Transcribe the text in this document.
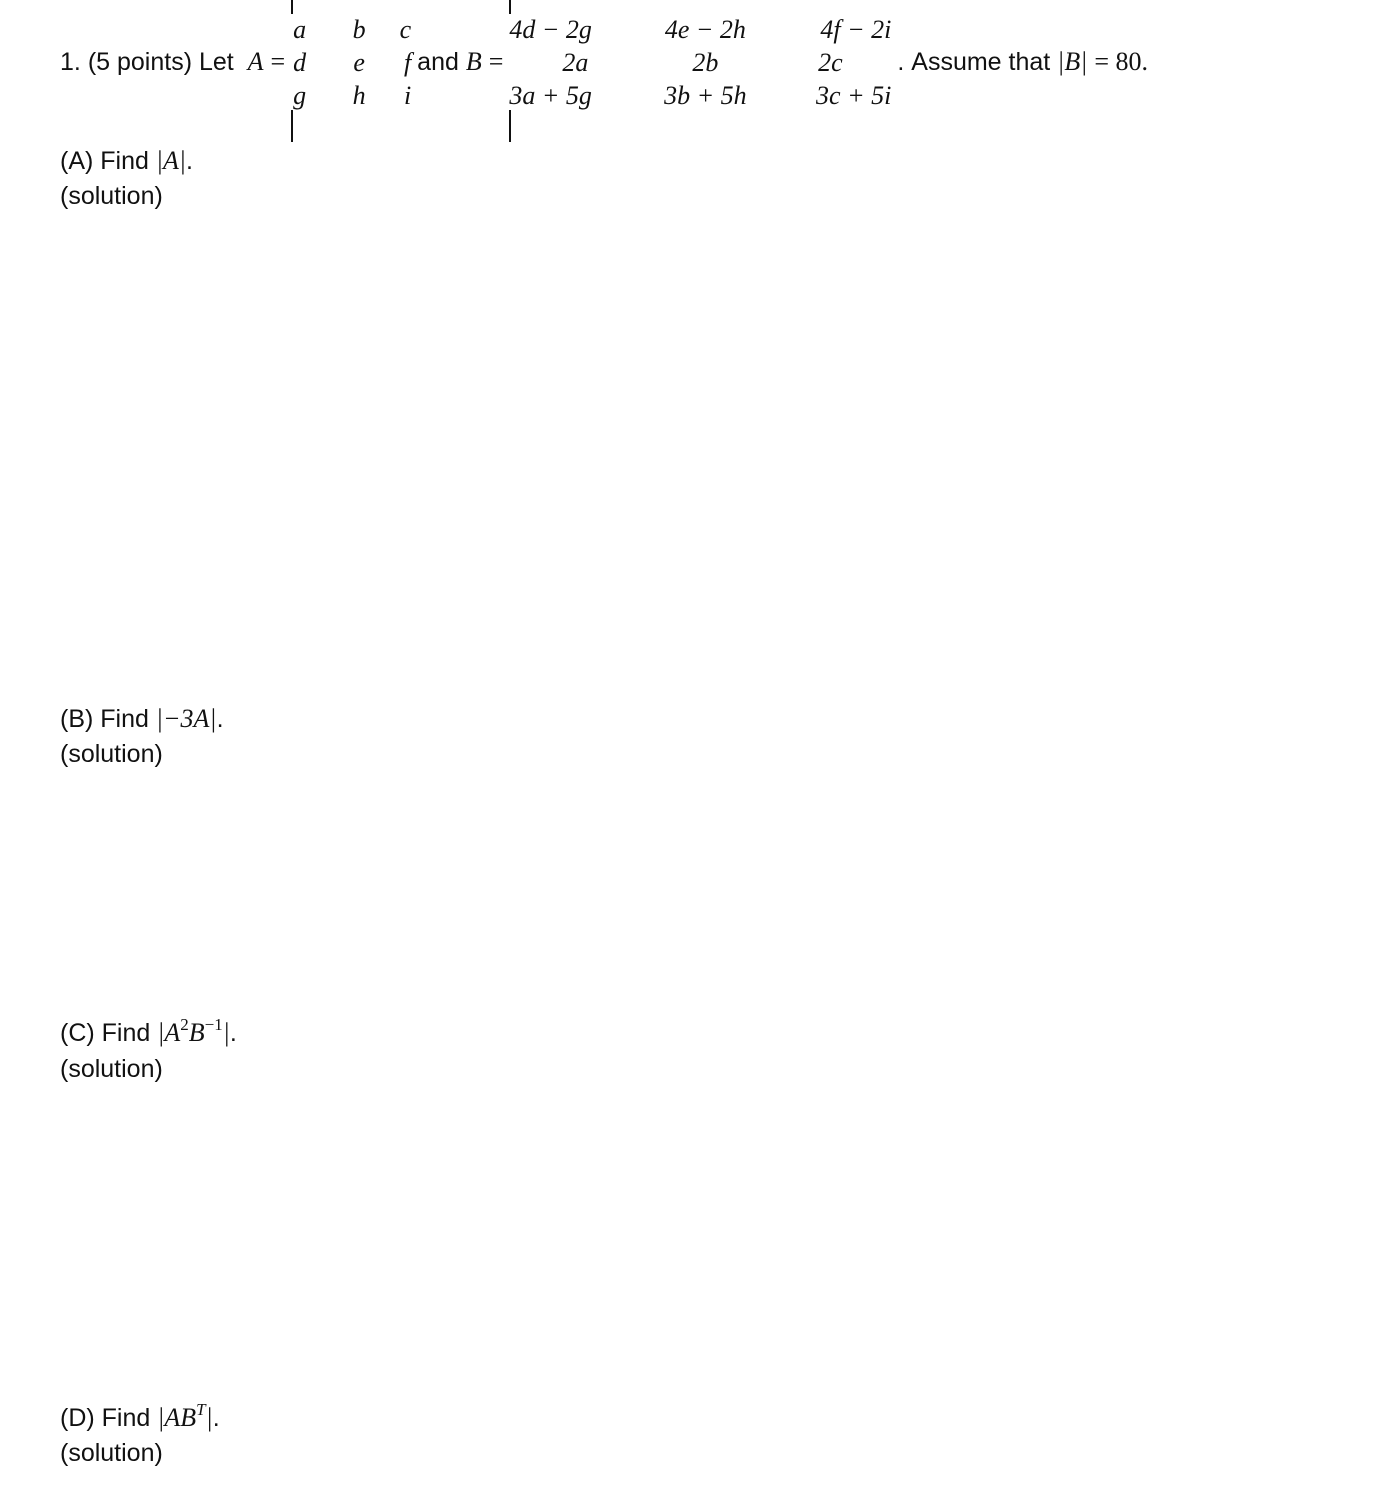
1.
(5 points)
Let
A
=
a	b	c
d	e	f
g	h	i
and
B
=
4d − 2g	4e − 2h	4f − 2i
2a	2b	2c
3a + 5g	3b + 5h	3c + 5i
.
Assume that
|B|
= 80.
(A) Find |A|.
(solution)
(B) Find |−3A|.
(solution)
(C) Find $|A^2B^{-1}|$.
(solution)
(D) Find $|AB^T|$.
(solution)
